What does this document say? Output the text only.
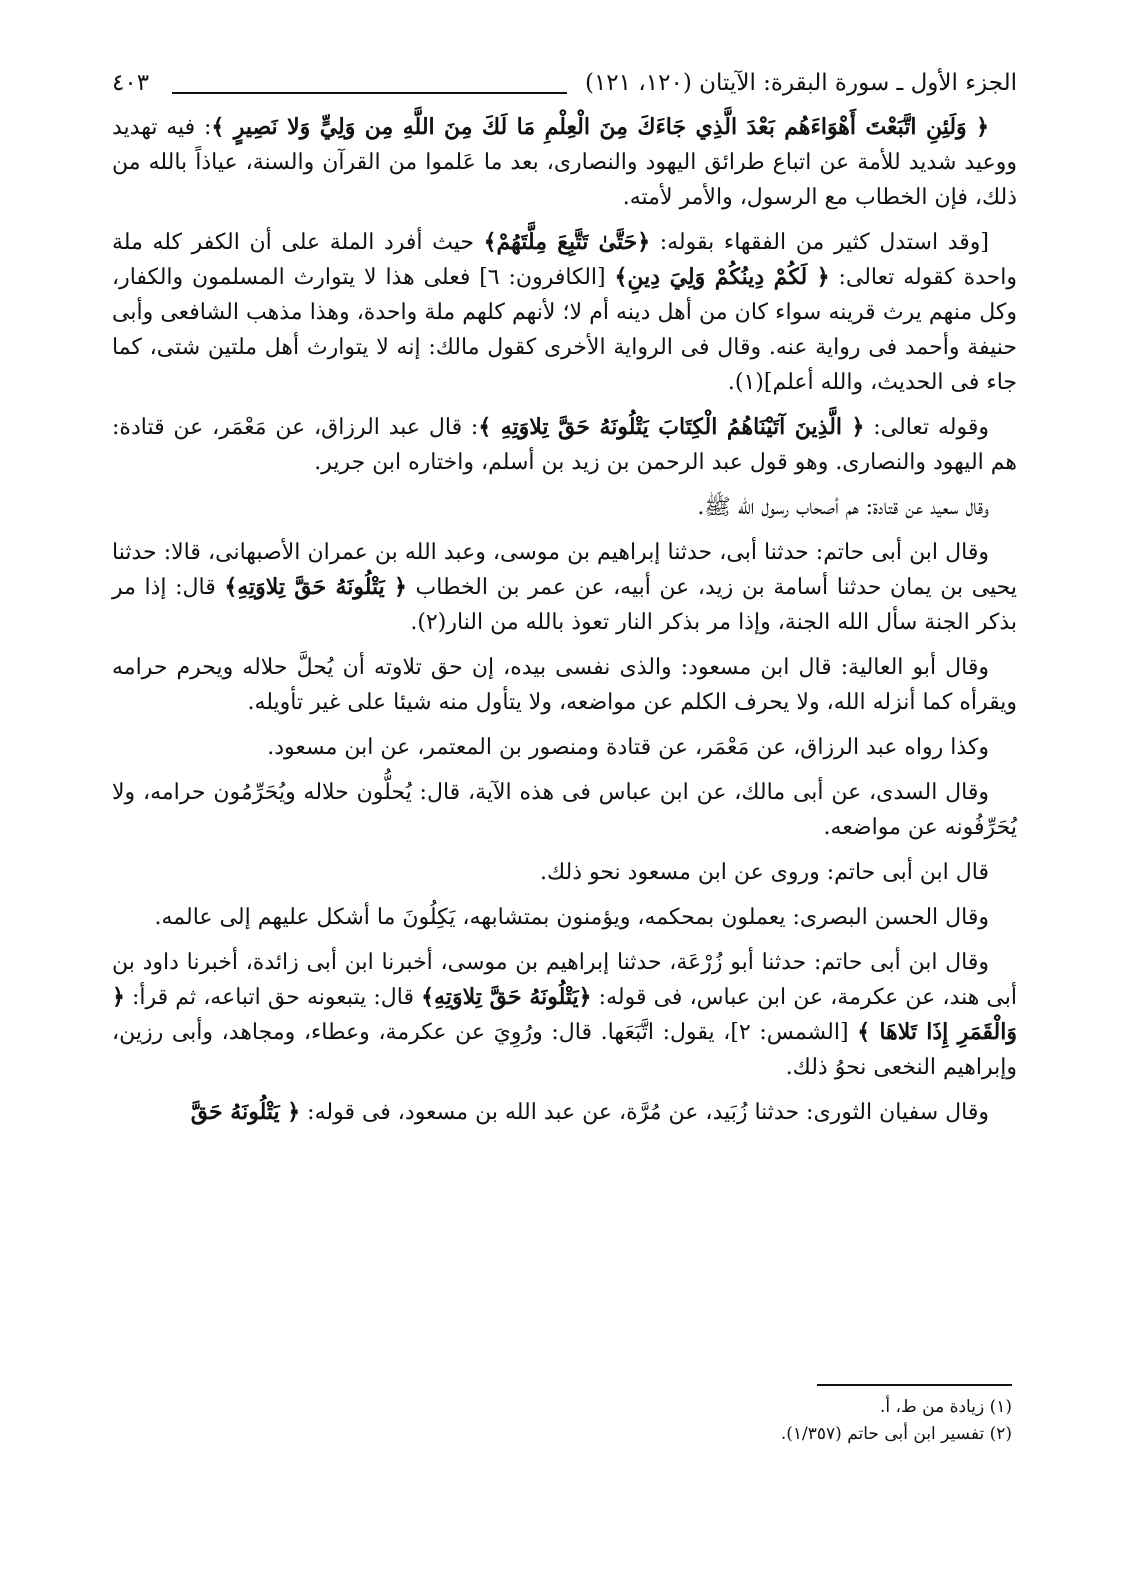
الجزء الأول ـ سورة البقرة: الآيتان (١٢٠، ١٢١)
٤٠٣

﴿ وَلَئِنِ اتَّبَعْتَ أَهْوَاءَهُم بَعْدَ الَّذِي جَاءَكَ مِنَ الْعِلْمِ مَا لَكَ مِنَ اللَّهِ مِن وَلِيٍّ وَلا نَصِيرٍ ﴾: فيه تهديد ووعيد شديد للأمة عن اتباع طرائق اليهود والنصارى، بعد ما عَلموا من القرآن والسنة، عياذاً بالله من ذلك، فإن الخطاب مع الرسول، والأمر لأمته.

[وقد استدل كثير من الفقهاء بقوله: ﴿حَتَّىٰ تَتَّبِعَ مِلَّتَهُمْ﴾ حيث أفرد الملة على أن الكفر كله ملة واحدة كقوله تعالى: ﴿ لَكُمْ دِينُكُمْ وَلِيَ دِينِ﴾ [الكافرون: ٦] فعلى هذا لا يتوارث المسلمون والكفار، وكل منهم يرث قرينه سواء كان من أهل دينه أم لا؛ لأنهم كلهم ملة واحدة، وهذا مذهب الشافعى وأبى حنيفة وأحمد فى رواية عنه. وقال فى الرواية الأخرى كقول مالك: إنه لا يتوارث أهل ملتين شتى، كما جاء فى الحديث، والله أعلم](١).

وقوله تعالى: ﴿ الَّذِينَ آتَيْنَاهُمُ الْكِتَابَ يَتْلُونَهُ حَقَّ تِلاوَتِهِ ﴾: قال عبد الرزاق، عن مَعْمَر، عن قتادة: هم اليهود والنصارى. وهو قول عبد الرحمن بن زيد بن أسلم، واختاره ابن جرير.

وقال سعيد عن قتادة: هم أصحاب رسول الله ﷺ.

وقال ابن أبى حاتم: حدثنا أبى، حدثنا إبراهيم بن موسى، وعبد الله بن عمران الأصبهانى، قالا: حدثنا يحيى بن يمان حدثنا أسامة بن زيد، عن أبيه، عن عمر بن الخطاب ﴿ يَتْلُونَهُ حَقَّ تِلاوَتِهِ﴾ قال: إذا مر بذكر الجنة سأل الله الجنة، وإذا مر بذكر النار تعوذ بالله من النار(٢).

وقال أبو العالية: قال ابن مسعود: والذى نفسى بيده، إن حق تلاوته أن يُحلَّ حلاله ويحرم حرامه ويقرأه كما أنزله الله، ولا يحرف الكلم عن مواضعه، ولا يتأول منه شيئا على غير تأويله.

وكذا رواه عبد الرزاق، عن مَعْمَر، عن قتادة ومنصور بن المعتمر، عن ابن مسعود.

وقال السدى، عن أبى مالك، عن ابن عباس فى هذه الآية، قال: يُحلُّون حلاله ويُحَرِّمُون حرامه، ولا يُحَرِّفُونه عن مواضعه.

قال ابن أبى حاتم: وروى عن ابن مسعود نحو ذلك.

وقال الحسن البصرى: يعملون بمحكمه، ويؤمنون بمتشابهه، يَكِلُونَ ما أشكل عليهم إلى عالمه.

وقال ابن أبى حاتم: حدثنا أبو زُرْعَة، حدثنا إبراهيم بن موسى، أخبرنا ابن أبى زائدة، أخبرنا داود بن أبى هند، عن عكرمة، عن ابن عباس، فى قوله: ﴿يَتْلُونَهُ حَقَّ تِلاوَتِهِ﴾ قال: يتبعونه حق اتباعه، ثم قرأ: ﴿ وَالْقَمَرِ إِذَا تَلاهَا ﴾ [الشمس: ٢]، يقول: اتَّبَعَها. قال: ورُوِيَ عن عكرمة، وعطاء، ومجاهد، وأبى رزين، وإبراهيم النخعى نحوُ ذلك.

وقال سفيان الثورى: حدثنا زُبَيد، عن مُرَّة، عن عبد الله بن مسعود، فى قوله: ﴿ يَتْلُونَهُ حَقَّ

(١) زيادة من ط، أ.

(٢) تفسير ابن أبى حاتم (١/٣٥٧).
